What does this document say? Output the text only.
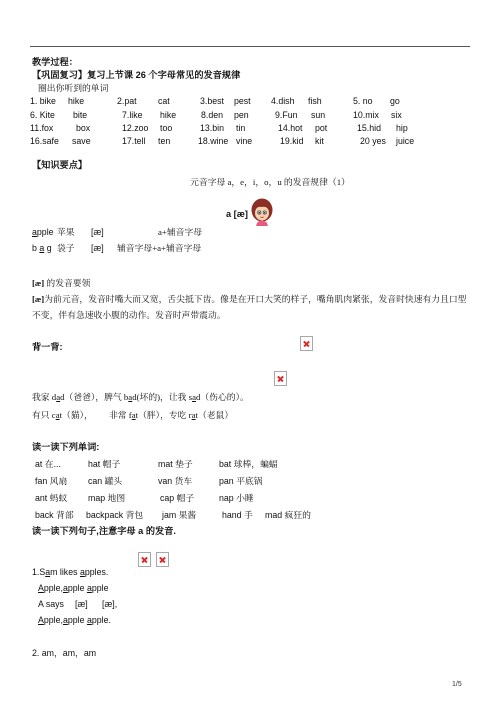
教学过程：
【巩固复习】复习上节课 26 个字母常见的发音规律
圈出你听到的单词
1. bike hike	2.pat cat	3.best pest 4.dish fish	5. no go
6. Kite bite	7.like hike	8.den pen	9.Fun sun	10.mix six
11.fox	box	12.zoo too	13.bin tin	14.hot pot	15.hid hip
16.safe save	17.tell ten	18.wine vine	19.kid kit	20 yes juice
【知识要点】
元音字母 a，e，i，o，u 的发音规律（1）
a [æ]
apple 苹果 [æ]	a+辅音字母
b a g 袋子 [æ] 辅音字母+a+辅音字母
[æ] 的发音要领
[æ]为前元音，发音时嘴大而又宽，舌尖抵下齿。像是在开口大笑的样子，嘴角肌肉紧张，发音时快速有力且口型
不变，伴有急速收小腹的动作。发音时声带震动。
背一背:
我家 dad（爸爸），脾气 bad(坏的)，让我 sad（伤心的）。
有只 cat（猫）， 非常 fat（胖），专吃 rat（老鼠）
读一读下列单词:
at 在...	hat 帽子	mat 垫子	bat 球棒，蝙蝠
fan 风扇 can 罐头	van 货车	pan 平底锅
ant 蚂蚁 map 地图	cap 帽子	nap 小睡
back 背部 backpack 背包 jam 果酱	hand 手 mad 疯狂的
读一读下列句子,注意字母 a 的发音.
1.Sam likes apples.
Apple,apple apple
A says [æ] [æ],
Apple,apple apple.
2. am，am，am
1/5
